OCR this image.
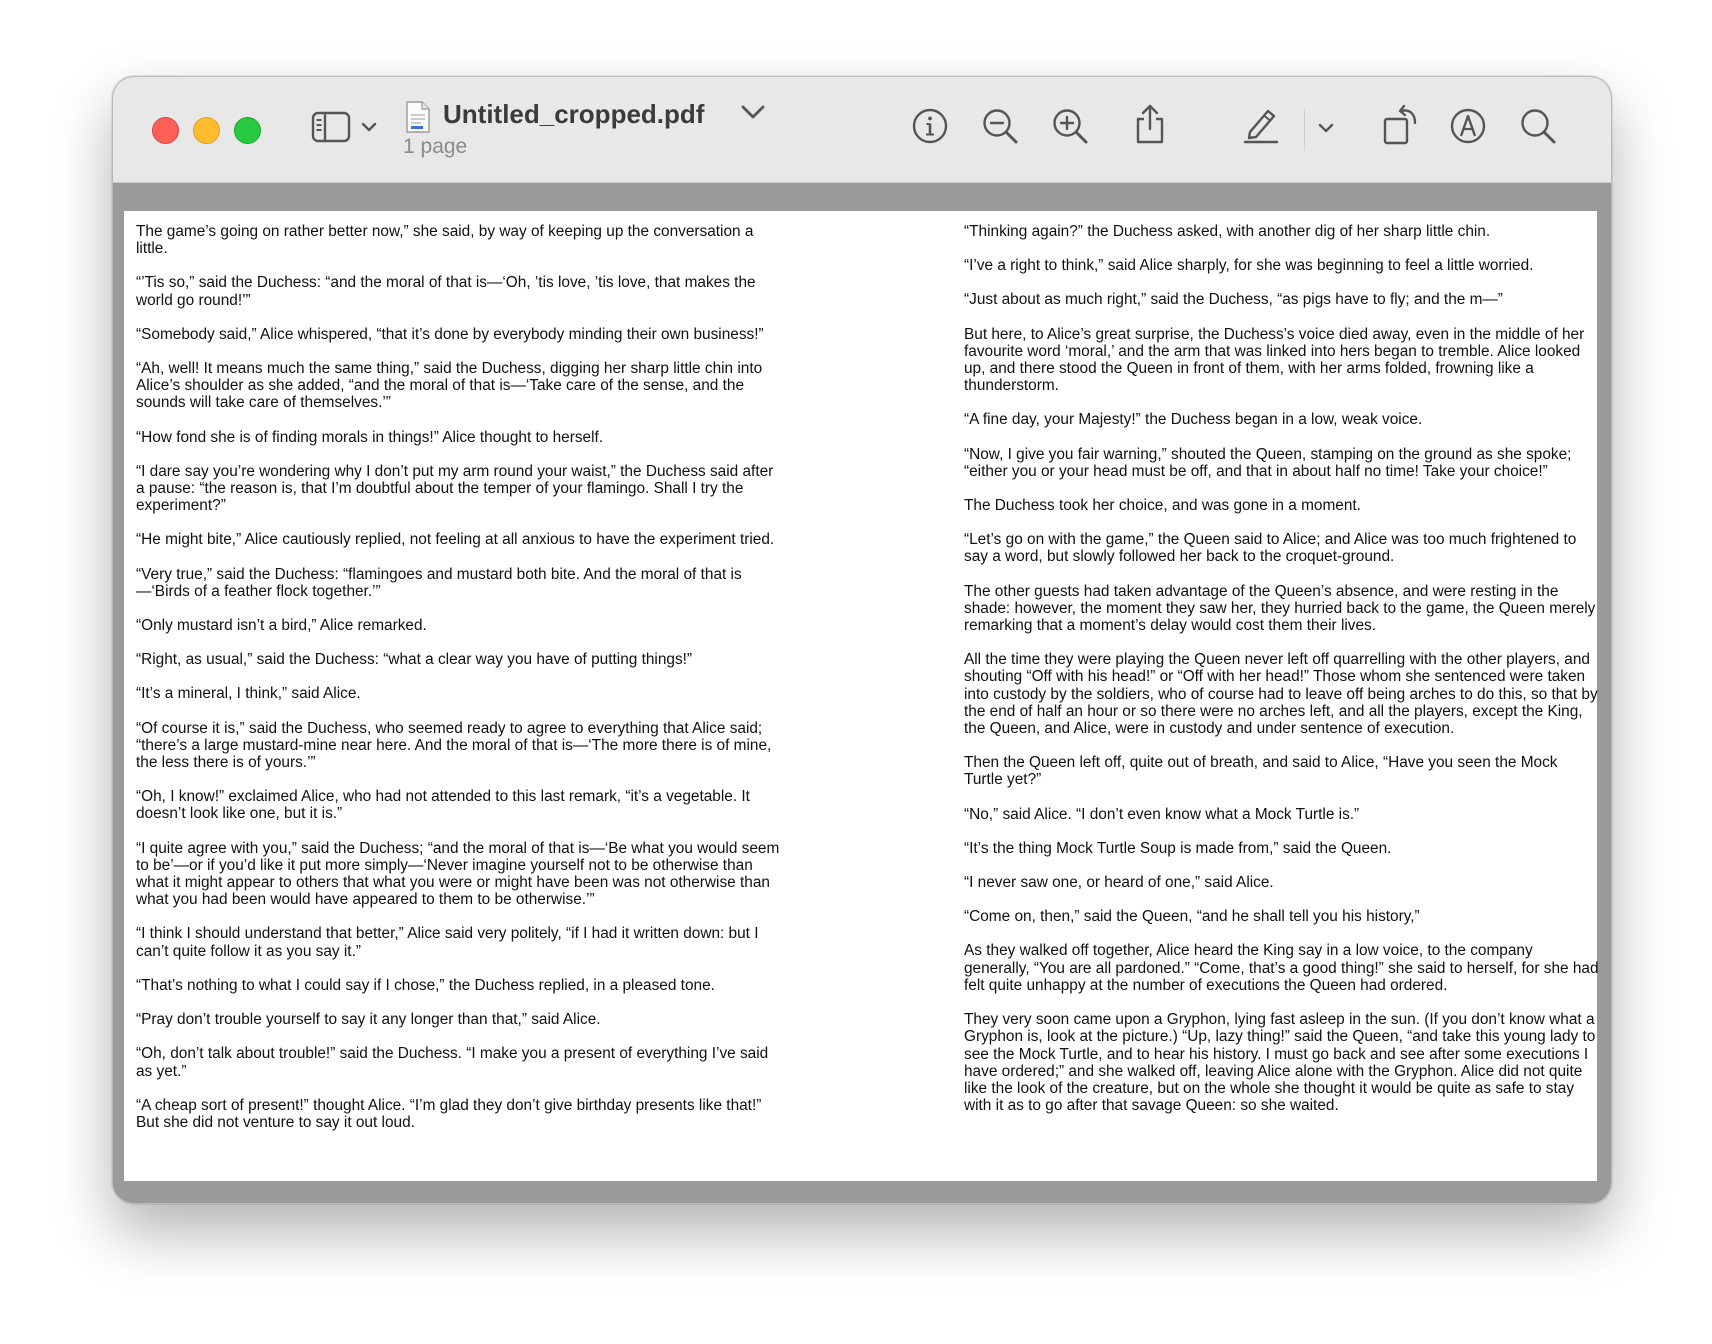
Untitled_cropped.pdf
1 page

The game’s going on rather better now,” she said, by way of keeping up the conversation a little.

“’Tis so,” said the Duchess: “and the moral of that is—‘Oh, ’tis love, ’tis love, that makes the world go round!’”

“Somebody said,” Alice whispered, “that it’s done by everybody minding their own business!”

“Ah, well! It means much the same thing,” said the Duchess, digging her sharp little chin into Alice’s shoulder as she added, “and the moral of that is—‘Take care of the sense, and the sounds will take care of themselves.’”

“How fond she is of finding morals in things!” Alice thought to herself.

“I dare say you’re wondering why I don’t put my arm round your waist,” the Duchess said after a pause: “the reason is, that I’m doubtful about the temper of your flamingo. Shall I try the experiment?”

“He might bite,” Alice cautiously replied, not feeling at all anxious to have the experiment tried.

“Very true,” said the Duchess: “flamingoes and mustard both bite. And the moral of that is—‘Birds of a feather flock together.’”

“Only mustard isn’t a bird,” Alice remarked.

“Right, as usual,” said the Duchess: “what a clear way you have of putting things!”

“It’s a mineral, I think,” said Alice.

“Of course it is,” said the Duchess, who seemed ready to agree to everything that Alice said; “there’s a large mustard-mine near here. And the moral of that is—‘The more there is of mine, the less there is of yours.’”

“Oh, I know!” exclaimed Alice, who had not attended to this last remark, “it’s a vegetable. It doesn’t look like one, but it is.”

“I quite agree with you,” said the Duchess; “and the moral of that is—‘Be what you would seem to be’—or if you’d like it put more simply—‘Never imagine yourself not to be otherwise than what it might appear to others that what you were or might have been was not otherwise than what you had been would have appeared to them to be otherwise.’”

“I think I should understand that better,” Alice said very politely, “if I had it written down: but I can’t quite follow it as you say it.”

“That’s nothing to what I could say if I chose,” the Duchess replied, in a pleased tone.

“Pray don’t trouble yourself to say it any longer than that,” said Alice.

“Oh, don’t talk about trouble!” said the Duchess. “I make you a present of everything I’ve said as yet.”

“A cheap sort of present!” thought Alice. “I’m glad they don’t give birthday presents like that!” But she did not venture to say it out loud.

“Thinking again?” the Duchess asked, with another dig of her sharp little chin.

“I’ve a right to think,” said Alice sharply, for she was beginning to feel a little worried.

“Just about as much right,” said the Duchess, “as pigs have to fly; and the m—”

But here, to Alice’s great surprise, the Duchess’s voice died away, even in the middle of her favourite word ‘moral,’ and the arm that was linked into hers began to tremble. Alice looked up, and there stood the Queen in front of them, with her arms folded, frowning like a thunderstorm.

“A fine day, your Majesty!” the Duchess began in a low, weak voice.

“Now, I give you fair warning,” shouted the Queen, stamping on the ground as she spoke; “either you or your head must be off, and that in about half no time! Take your choice!”

The Duchess took her choice, and was gone in a moment.

“Let’s go on with the game,” the Queen said to Alice; and Alice was too much frightened to say a word, but slowly followed her back to the croquet-ground.

The other guests had taken advantage of the Queen’s absence, and were resting in the shade: however, the moment they saw her, they hurried back to the game, the Queen merely remarking that a moment’s delay would cost them their lives.

All the time they were playing the Queen never left off quarrelling with the other players, and shouting “Off with his head!” or “Off with her head!” Those whom she sentenced were taken into custody by the soldiers, who of course had to leave off being arches to do this, so that by the end of half an hour or so there were no arches left, and all the players, except the King, the Queen, and Alice, were in custody and under sentence of execution.

Then the Queen left off, quite out of breath, and said to Alice, “Have you seen the Mock Turtle yet?”

“No,” said Alice. “I don’t even know what a Mock Turtle is.”

“It’s the thing Mock Turtle Soup is made from,” said the Queen.

“I never saw one, or heard of one,” said Alice.

“Come on, then,” said the Queen, “and he shall tell you his history,”

As they walked off together, Alice heard the King say in a low voice, to the company generally, “You are all pardoned.” “Come, that’s a good thing!” she said to herself, for she had felt quite unhappy at the number of executions the Queen had ordered.

They very soon came upon a Gryphon, lying fast asleep in the sun. (If you don’t know what a Gryphon is, look at the picture.) “Up, lazy thing!” said the Queen, “and take this young lady to see the Mock Turtle, and to hear his history. I must go back and see after some executions I have ordered;” and she walked off, leaving Alice alone with the Gryphon. Alice did not quite like the look of the creature, but on the whole she thought it would be quite as safe to stay with it as to go after that savage Queen: so she waited.
